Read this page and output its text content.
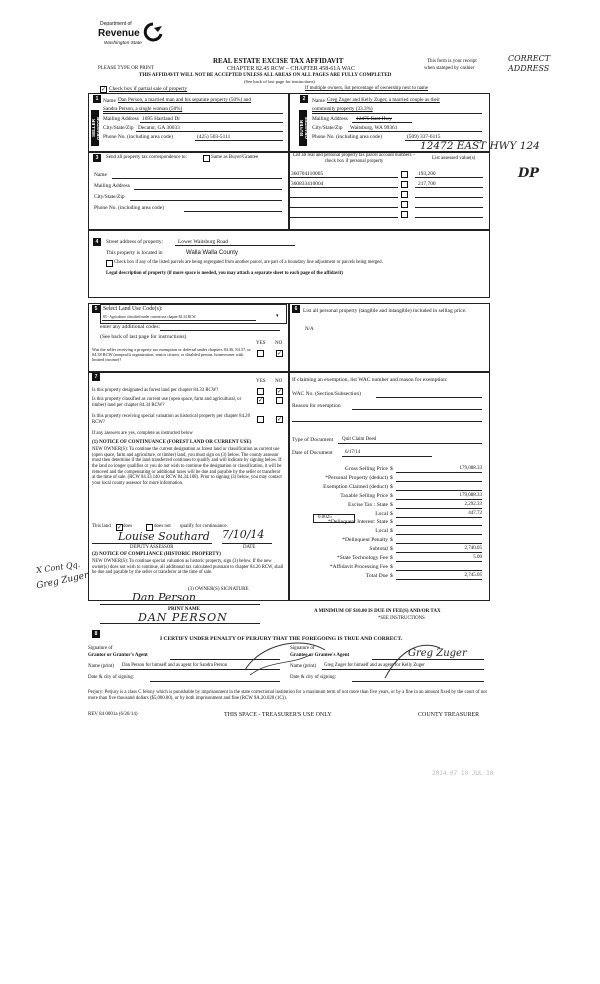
Department of
Revenue
Washington State
PLEASE TYPE OR PRINT
REAL ESTATE EXCISE TAX AFFIDAVIT
CHAPTER 82.45 RCW – CHAPTER 458-61A WAC
THIS AFFIDAVIT WILL NOT BE ACCEPTED UNLESS ALL AREAS ON ALL PAGES ARE FULLY COMPLETED
(See back of last page for instructions)
This form is your receipt
when stamped by cashier
✓ Check box if partial sale of property	If multiple owners, list percentage of ownership next to name
1
SELLER GRANTOR
Name Dan Person, a married man and his separate property (50%) and
Sandra Person, a single woman (50%)
Mailing Address 1695 Hartland Dr
City/State/Zip Decatur, GA 30033
Phone No. (including area code)	(425) 503-5111
2
BUYER GRANTEE
Name Greg Zuger and Kelly Zuger, a married couple as their
community property (33.3%)
Mailing Address 12475 East Hwy
City/State/Zip Waitsburg, WA 99361
Phone No. (including area code)	(509) 337-6115
3	Send all property tax correspondence to:	Same as Buyer/Grantee
Name
Mailing Address
City/State/Zip
Phone No. (including area code)
List all real and personal property tax parcel account numbers – check box if personal property
List assessed value(s)
360704110005	193,200
360833410004	217,700
4	Street address of property:	Lower Waitsburg Road
This property is located in	Walla Walla County
Check box if any of the listed parcels are being segregated from another parcel, are part of a boundary line adjustment or parcels being merged.
Legal description of property (if more space is needed, you may attach a separate sheet to each page of the affidavit)
5 Select Land Use Code(s):
83 - Agriculture classified under current use chapter 84.34 RCW	▾
enter any additional codes:
(See back of last page for instructions)
YES NO
Was the seller receiving a property tax exemption or deferral under chapters 84.36, 84.37, or 84.38 RCW (nonprofit organization, senior citizen, or disabled person, homeowner with limited income)?
✓
6	List all personal property (tangible and intangible) included in selling price.
N/A
7
YES NO
Is this property designated as forest land per chapter 84.33 RCW?	✓
Is this property classified as current use (open space, farm and agricultural, or timber) land per chapter 84.34 RCW?
✓
Is this property receiving special valuation as historical property per chapter 84.26 RCW?	✓
If any answers are yes, complete as instructed below
(1) NOTICE OF CONTINUANCE (FOREST LAND OR CURRENT USE)
NEW OWNER(S): To continue the current designation as forest land or classification as current use (open space, farm and agriculture, or timber) land, you must sign on (3) below. The county assessor must then determine if the land transferred continues to qualify and will indicate by signing below. If the land no longer qualifies or you do not wish to continue the designation or classification, it will be removed and the compensating or additional taxes will be due and payable by the seller or transferor at the time of sale. (RCW 84.33.140 or RCW 84.34.108). Prior to signing (3) below, you may contact your local county assessor for more information.
This land ✓ does	does not qualify for continuance.
DEPUTY ASSESSOR	DATE
(2) NOTICE OF COMPLIANCE (HISTORIC PROPERTY)
NEW OWNER(S): To continue special valuation as historic property, sign (3) below. If the new owner(s) does not wish to continue, all additional tax calculated pursuant to chapter 84.26 RCW, shall be due and payable by the seller or transferor at the time of sale.
(3) OWNER(S) SIGNATURE
PRINT NAME
If claiming an exemption, list WAC number and reason for exemption:
WAC No. (Section/Subsection)
Reason for exemption
Type of Document Quit Claim Deed
Date of Document 6/17/14
Gross Selling Price $	179,088.33
*Personal Property (deduct) $
Exemption Claimed (deduct) $
Taxable Selling Price $	179,088.33
Excise Tax : State $	2,292.33
Local $	447.72
*Delinquent Interest: State $
Local $
*Delinquent Penalty $
Subtotal $	2,740.05
*State Technology Fee $	5.00
*Affidavit Processing Fee $
Total Due $	2,745.05
0.0025
A MINIMUM OF $10.00 IS DUE IN FEE(S) AND/OR TAX
*SEE INSTRUCTIONS
8
I CERTIFY UNDER PENALTY OF PERJURY THAT THE FOREGOING IS TRUE AND CORRECT.
Signature of
Grantor or Grantor's Agent
Name (print) Dan Person for himself and as agent for Sandra Person
Date & city of signing:
Signature of
Grantee or Grantee's Agent
Name (print) Greg Zuger for himself and as agent for Kelly Zuger
Date & city of signing:
Perjury: Perjury is a class C felony which is punishable by imprisonment in the state correctional institution for a maximum term of not more than five years, or by a fine in an amount fixed by the court of not more than five thousand dollars ($5,000.00), or by both imprisonment and fine (RCW 9A.20.020 (1C)).
REV 84 0001a (6/26/14)	THIS SPACE - TREASURER'S USE ONLY	COUNTY TREASURER
CORRECT ADDRESS
12472 EAST HWY 124
DP
Louise Southard 7/10/14
Dan Person
DAN PERSON
X Cont Qq.
Greg Zuger
Greg Zuger
2014 07 10 JUL 10
